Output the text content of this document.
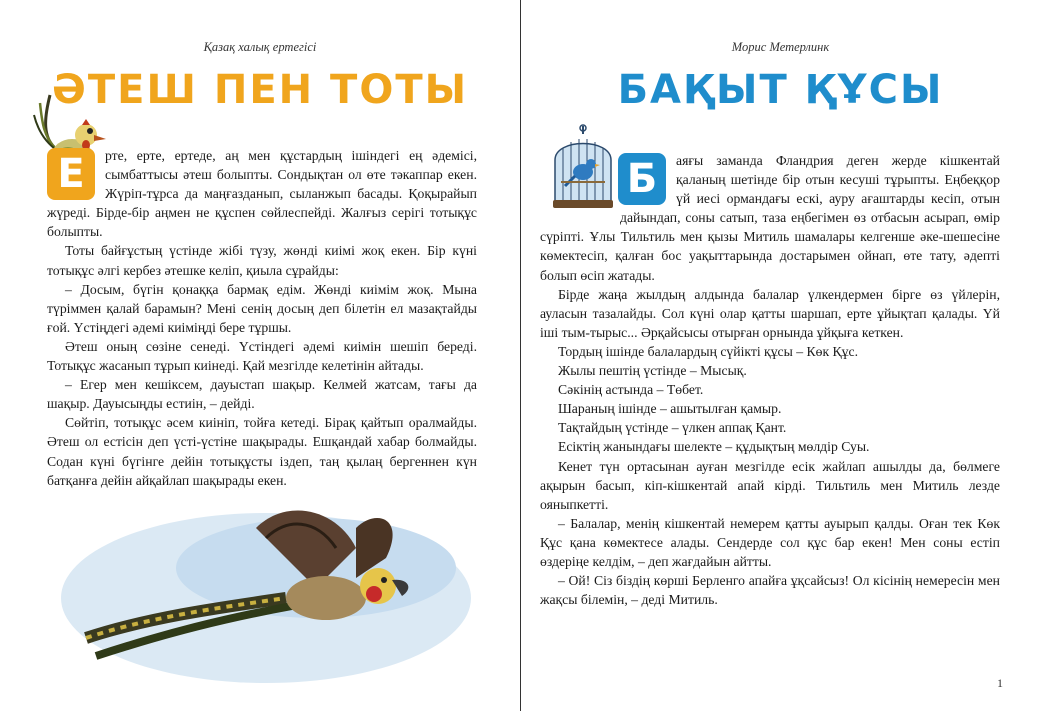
Қазақ халық ертегісі
ӘТЕШ ПЕН ТОТЫ
Е	рте, ерте, ертеде, аң мен құстардың ішіндегі ең әдемісі, сымбаттысы әтеш болыпты. Сондықтан ол өте тәкаппар екен. Жүріп-тұрса да маңғазданып, сыланжып басады. Қоқырайып жүреді. Бірде-бір аңмен не құспен сөйлеспейді. Жалғыз серігі тотықұс болыпты.

Тоты байғұстың үстінде жібі түзу, жөнді киімі жоқ екен. Бір күні тотықұс әлгі кербез әтешке келіп, қиыла сұрайды:

– Досым, бүгін қонаққа бармақ едім. Жөнді киімім жоқ. Мына түріммен қалай барамын? Мені сенің досың деп білетін ел мазақтайды ғой. Үстіңдегі әдемі киіміңді бере тұршы.

Әтеш оның сөзіне сенеді. Үстіндегі әдемі киімін шешіп береді. Тотықұс жасанып тұрып киінеді. Қай мезгілде келетінін айтады.

– Егер мен кешіксем, дауыстап шақыр. Келмей жатсам, тағы да шақыр. Дауысыңды естиін, – дейді.

Сөйтіп, тотықұс әсем киініп, тойға кетеді. Бірақ қайтып оралмайды. Әтеш ол естісін деп үсті-үстіне шақырады. Ешқандай хабар болмайды. Содан күні бүгінге дейін тотықұсты іздеп, таң қылаң бергеннен күн батқанға дейін айқайлап шақырады екен.

Морис Метерлинк
БАҚЫТ ҚҰСЫ
Б	аяғы заманда Фландрия деген жерде кішкентай қаланың шетінде бір отын кесуші тұрыпты. Еңбеққор үй иесі ормандағы ескі, ауру ағаштарды кесіп, отын дайындап, соны сатып, таза еңбегімен өз отбасын асырап, өмір сүріпті. Ұлы Тильтиль мен қызы Митиль шамалары келгенше әке-шешесіне көмектесіп, қалған бос уақыттарында достарымен ойнап, өте тату, әдепті болып өсіп жатады.

Бірде жаңа жылдың алдында балалар үлкендермен бірге өз үйлерін, ауласын тазалайды. Сол күні олар қатты шаршап, ерте ұйықтап қалады. Үй іші тым-тырыс... Әрқайсысы отырған орнында ұйқыға кеткен.

Тордың ішінде балалардың сүйікті құсы – Көк Құс.

Жылы пештің үстінде – Мысық.

Сәкінің астында – Төбет.

Шараның ішінде – ашытылған қамыр.

Тақтайдың үстінде – үлкен аппақ Қант.

Есіктің жанындағы шелекте – құдықтың мөлдір Суы.

Кенет түн ортасынан ауған мезгілде есік жайлап ашылды да, бөлмеге ақырын басып, кіп-кішкентай апай кірді. Тильтиль мен Митиль лезде ояныпкетті.

– Балалар, менің кішкентай немерем қатты ауырып қалды. Оған тек Көк Құс қана көмектесе алады. Сендерде сол құс бар екен! Мен соны естіп өздеріңе келдім, – деп жағдайын айтты.

– Ой! Сіз біздің көрші Берленго апайға ұқсайсыз! Ол кісінің немересін мен жақсы білемін, – деді Митиль.

1
